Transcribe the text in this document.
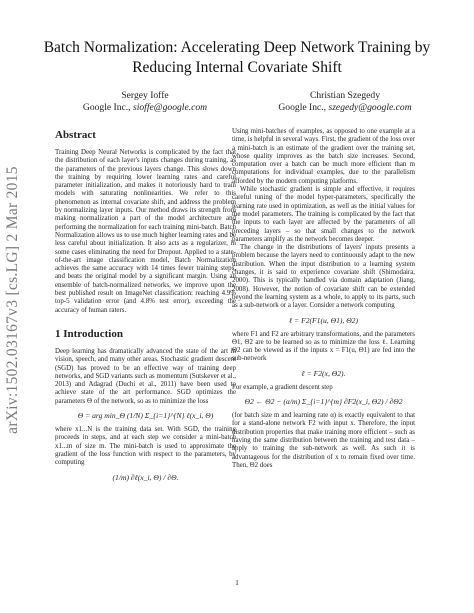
arXiv:1502.03167v3 [cs.LG] 2 Mar 2015
Batch Normalization: Accelerating Deep Network Training by
Reducing Internal Covariate Shift
Sergey Ioffe
Google Inc., sioffe@google.com
Christian Szegedy
Google Inc., szegedy@google.com
Abstract

Training Deep Neural Networks is complicated by the fact that the distribution of each layer's inputs changes during training, as the parameters of the previous layers change. This slows down the training by requiring lower learning rates and careful parameter initialization, and makes it notoriously hard to train models with saturating nonlinearities. We refer to this phenomenon as internal covariate shift, and address the problem by normalizing layer inputs. Our method draws its strength from making normalization a part of the model architecture and performing the normalization for each training mini-batch. Batch Normalization allows us to use much higher learning rates and be less careful about initialization. It also acts as a regularizer, in some cases eliminating the need for Dropout. Applied to a state-of-the-art image classification model, Batch Normalization achieves the same accuracy with 14 times fewer training steps, and beats the original model by a significant margin. Using an ensemble of batch-normalized networks, we improve upon the best published result on ImageNet classification: reaching 4.9% top-5 validation error (and 4.8% test error), exceeding the accuracy of human raters.

1 Introduction

Deep learning has dramatically advanced the state of the art in vision, speech, and many other areas. Stochastic gradient descent (SGD) has proved to be an effective way of training deep networks, and SGD variants such as momentum (Sutskever et al., 2013) and Adagrad (Duchi et al., 2011) have been used to achieve state of the art performance. SGD optimizes the parameters Θ of the network, so as to minimize the loss

Θ = arg min_Θ (1/N) Σ_{i=1}^{N} ℓ(x_i, Θ)

where x1...N is the training data set. With SGD, the training proceeds in steps, and at each step we consider a mini-batch x1...m of size m. The mini-batch is used to approximate the gradient of the loss function with respect to the parameters, by computing

(1/m) ∂ℓ(x_i, Θ) / ∂Θ.

Using mini-batches of examples, as opposed to one example at a time, is helpful in several ways. First, the gradient of the loss over a mini-batch is an estimate of the gradient over the training set, whose quality improves as the batch size increases. Second, computation over a batch can be much more efficient than m computations for individual examples, due to the parallelism afforded by the modern computing platforms.

While stochastic gradient is simple and effective, it requires careful tuning of the model hyper-parameters, specifically the learning rate used in optimization, as well as the initial values for the model parameters. The training is complicated by the fact that the inputs to each layer are affected by the parameters of all preceding layers – so that small changes to the network parameters amplify as the network becomes deeper.

The change in the distributions of layers' inputs presents a problem because the layers need to continuously adapt to the new distribution. When the input distribution to a learning system changes, it is said to experience covariate shift (Shimodaira, 2000). This is typically handled via domain adaptation (Jiang, 2008). However, the notion of covariate shift can be extended beyond the learning system as a whole, to apply to its parts, such as a sub-network or a layer. Consider a network computing

ℓ = F2(F1(u, Θ1), Θ2)

where F1 and F2 are arbitrary transformations, and the parameters Θ1, Θ2 are to be learned so as to minimize the loss ℓ. Learning Θ2 can be viewed as if the inputs x = F1(u, Θ1) are fed into the sub-network

ℓ = F2(x, Θ2).

For example, a gradient descent step

Θ2 ← Θ2 − (α/m) Σ_{i=1}^{m} ∂F2(x_i, Θ2) / ∂Θ2

(for batch size m and learning rate α) is exactly equivalent to that for a stand-alone network F2 with input x. Therefore, the input distribution properties that make training more efficient – such as having the same distribution between the training and test data – apply to training the sub-network as well. As such it is advantageous for the distribution of x to remain fixed over time. Then, Θ2 does

1
